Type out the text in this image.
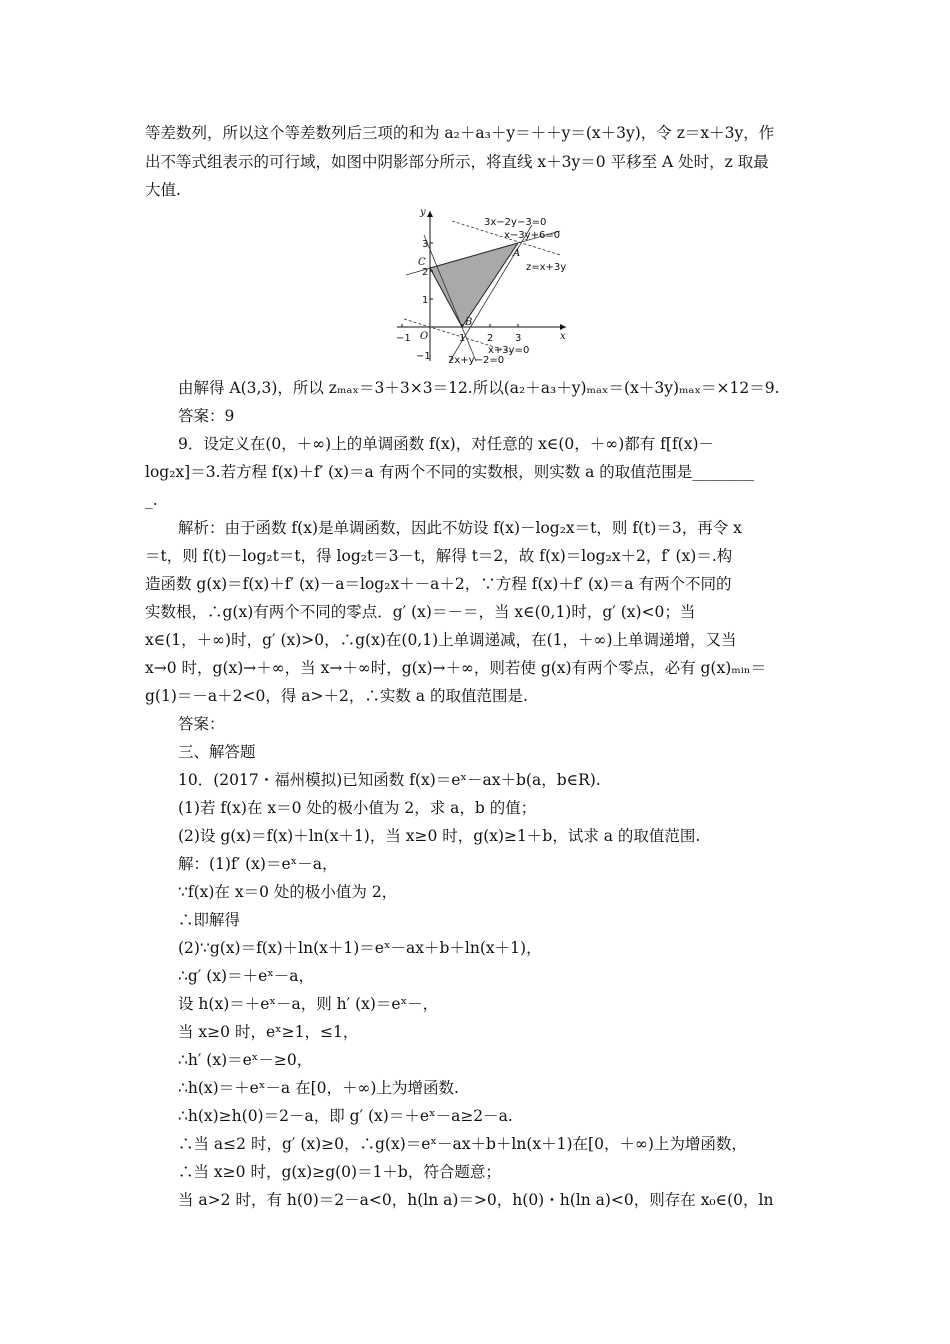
等差数列，所以这个等差数列后三项的和为 a₂＋a₃＋y＝＋＋y＝(x＋3y)，令 z＝x＋3y，作
出不等式组表示的可行域，如图中阴影部分所示，将直线 x＋3y＝0 平移至 A 处时，z 取最
大值.
y
x
O
−1	1 2 3
−1
1
2
3
A
B
C
3x−2y−3=0
x−3y+6=0
z=x+3y
x+3y=0
2x+y−2=0
由解得 A(3,3)，所以 zₘₐₓ＝3＋3×3＝12.所以(a₂＋a₃＋y)ₘₐₓ＝(x＋3y)ₘₐₓ＝×12＝9.
答案：9
9．设定义在(0，＋∞)上的单调函数 f(x)，对任意的 x∈(0，＋∞)都有 f[f(x)－
log₂x]＝3.若方程 f(x)＋f′ (x)＝a 有两个不同的实数根，则实数 a 的取值范围是________
_.
解析：由于函数 f(x)是单调函数，因此不妨设 f(x)－log₂x＝t，则 f(t)＝3，再令 x
＝t，则 f(t)－log₂t＝t，得 log₂t＝3－t，解得 t＝2，故 f(x)＝log₂x＋2，f′ (x)＝.构
造函数 g(x)＝f(x)＋f′ (x)－a＝log₂x＋－a＋2，∵方程 f(x)＋f′ (x)＝a 有两个不同的
实数根，∴g(x)有两个不同的零点．g′ (x)＝－＝，当 x∈(0,1)时，g′ (x)<0；当
x∈(1，＋∞)时，g′ (x)>0，∴g(x)在(0,1)上单调递减，在(1，＋∞)上单调递增，又当
x→0 时，g(x)→＋∞，当 x→＋∞时，g(x)→＋∞，则若使 g(x)有两个零点，必有 g(x)ₘᵢₙ＝
g(1)＝－a＋2<0，得 a>＋2，∴实数 a 的取值范围是.
答案：
三、解答题
10．(2017・福州模拟)已知函数 f(x)＝eˣ－ax＋b(a，b∈R).
(1)若 f(x)在 x＝0 处的极小值为 2，求 a，b 的值；
(2)设 g(x)＝f(x)＋ln(x＋1)，当 x≥0 时，g(x)≥1＋b，试求 a 的取值范围.
解：(1)f′ (x)＝eˣ－a，
∵f(x)在 x＝0 处的极小值为 2，
∴即解得
(2)∵g(x)＝f(x)＋ln(x＋1)＝eˣ－ax＋b＋ln(x＋1)，
∴g′ (x)＝＋eˣ－a，
设 h(x)＝＋eˣ－a，则 h′ (x)＝eˣ－，
当 x≥0 时，eˣ≥1，≤1，
∴h′ (x)＝eˣ－≥0，
∴h(x)＝＋eˣ－a 在[0，＋∞)上为增函数.
∴h(x)≥h(0)＝2－a，即 g′ (x)＝＋eˣ－a≥2－a.
∴当 a≤2 时，g′ (x)≥0，∴g(x)＝eˣ－ax＋b＋ln(x＋1)在[0，＋∞)上为增函数，
∴当 x≥0 时，g(x)≥g(0)＝1＋b，符合题意；
当 a>2 时，有 h(0)＝2－a<0，h(ln a)＝>0，h(0)・h(ln a)<0，则存在 x₀∈(0，ln
